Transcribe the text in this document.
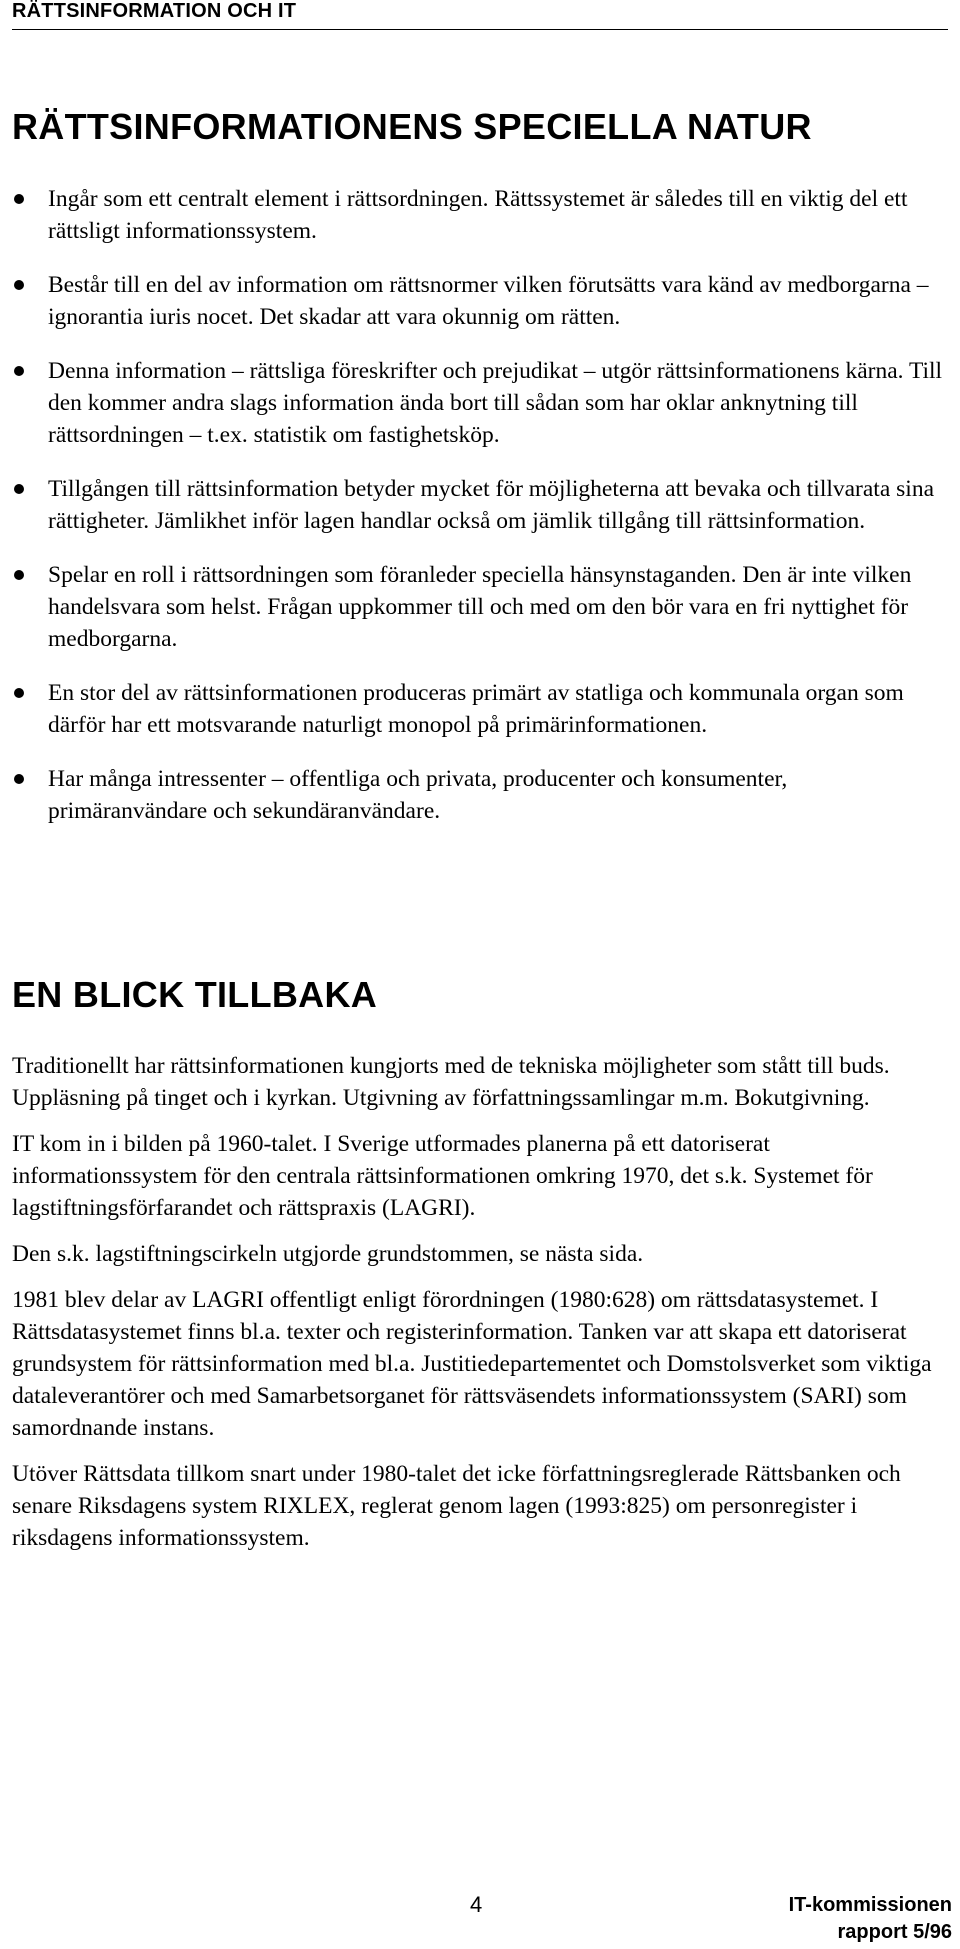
RÄTTSINFORMATION OCH IT
RÄTTSINFORMATIONENS SPECIELLA NATUR
Ingår som ett centralt element i rättsordningen. Rättssystemet är således till en viktig del ett rättsligt informationssystem.
Består till en del av information om rättsnormer vilken förutsätts vara känd av medborgarna – ignorantia iuris nocet. Det skadar att vara okunnig om rätten.
Denna information – rättsliga föreskrifter och prejudikat – utgör rättsinformationens kärna. Till den kommer andra slags information ända bort till sådan som har oklar anknytning till rättsordningen – t.ex. statistik om fastighetsköp.
Tillgången till rättsinformation betyder mycket för möjligheterna att bevaka och tillvarata sina rättigheter. Jämlikhet inför lagen handlar också om jämlik tillgång till rättsinformation.
Spelar en roll i rättsordningen som föranleder speciella hänsynstaganden. Den är inte vilken handelsvara som helst. Frågan uppkommer till och med om den bör vara en fri nyttighet för medborgarna.
En stor del av rättsinformationen produceras primärt av statliga och kommunala organ som därför har ett motsvarande naturligt monopol på primärinformationen.
Har många intressenter – offentliga och privata, producenter och konsumenter, primäranvändare och sekundäranvändare.
EN BLICK TILLBAKA

Traditionellt har rättsinformationen kungjorts med de tekniska möjligheter som stått till buds. Uppläsning på tinget och i kyrkan. Utgivning av författningssamlingar m.m. Bokutgivning.

IT kom in i bilden på 1960-talet. I Sverige utformades planerna på ett datoriserat informationssystem för den centrala rättsinformationen omkring 1970, det s.k. Systemet för lagstiftningsförfarandet och rättspraxis (LAGRI).

Den s.k. lagstiftningscirkeln utgjorde grundstommen, se nästa sida.

1981 blev delar av LAGRI offentligt enligt förordningen (1980:628) om rättsdatasystemet. I Rättsdatasystemet finns bl.a. texter och registerinformation. Tanken var att skapa ett datoriserat grundsystem för rättsinformation med bl.a. Justitiedepartementet och Domstolsverket som viktiga dataleverantörer och med Samarbetsorganet för rättsväsendets informationssystem (SARI) som samordnande instans.

Utöver Rättsdata tillkom snart under 1980-talet det icke författningsreglerade Rättsbanken och senare Riksdagens system RIXLEX, reglerat genom lagen (1993:825) om personregister i riksdagens informationssystem.

4	IT-kommissionen
rapport 5/96
